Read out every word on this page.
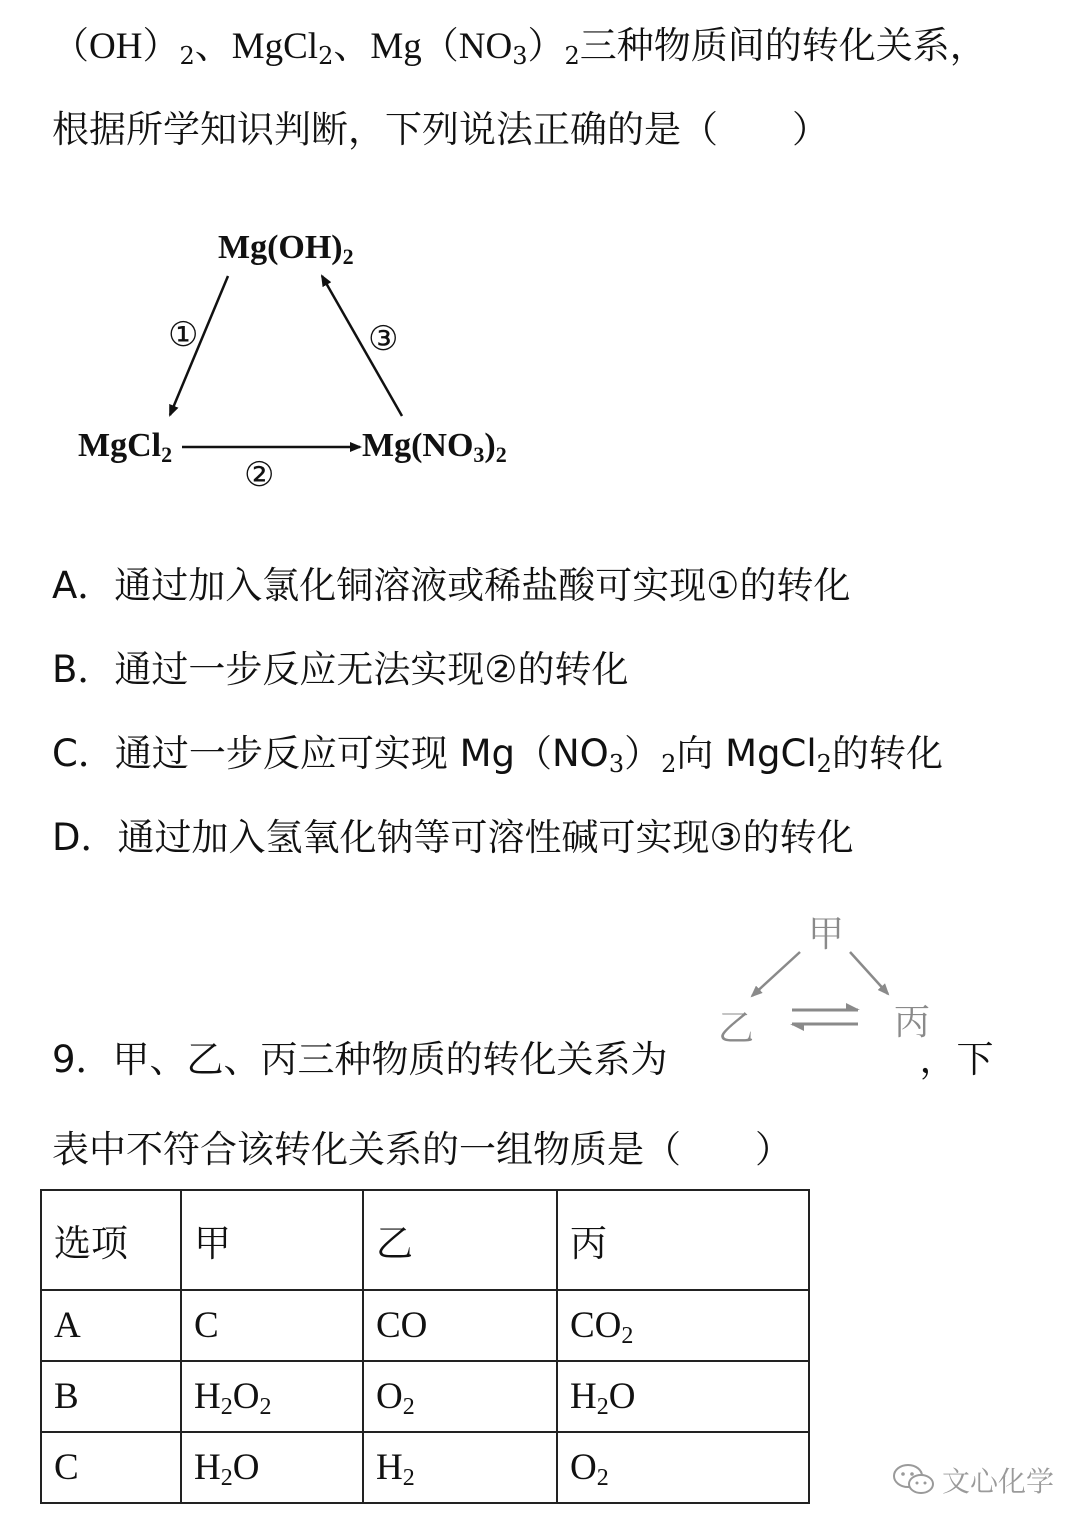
$(OH)_2$、MgCl$_2$、$Mg(NO_3)_2$三种物质间的转化关系，
根据所学知识判断，下列说法正确的是（　　）
Mg(OH)2
MgCl2	Mg(NO3)2
①	③
②
A．通过加入氯化铜溶液或稀盐酸可实现①的转化
B．通过一步反应无法实现②的转化
C．通过一步反应可实现 $Mg(NO_3)_2$向 MgCl$_2$的转化
D．通过加入氢氧化钠等可溶性碱可实现③的转化
9．甲、乙、丙三种物质的转化关系为	，下
表中不符合该转化关系的一组物质是（　　）
甲
乙	丙
选项	甲	乙	丙
A	C	CO	$CO_2$
B	$H_2O_2$	$O_2$	$H_2O$
C	$H_2O$	$H_2$	$O_2$	文心化学
